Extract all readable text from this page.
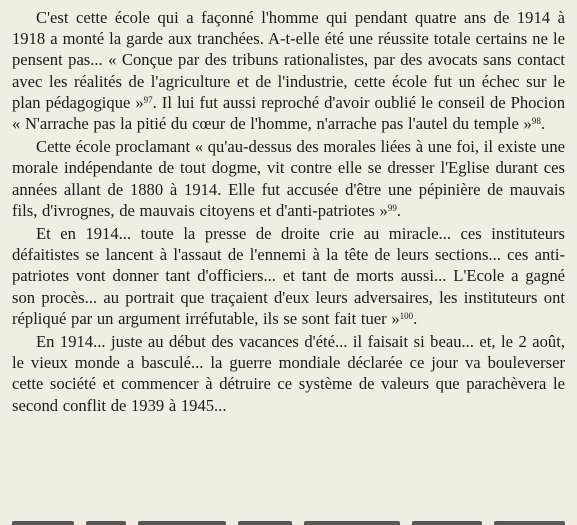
C'est cette école qui a façonné l'homme qui pendant quatre ans de 1914 à 1918 a monté la garde aux tranchées. A-t-elle été une réussite totale certains ne le pensent pas... « Conçue par des tribuns rationalistes, par des avocats sans contact avec les réalités de l'agriculture et de l'industrie, cette école fut un échec sur le plan pédagogique »$^{97}$. Il lui fut aussi reproché d'avoir oublié le conseil de Phocion « N'arrache pas la pitié du cœur de l'homme, n'arrache pas l'autel du temple »$^{98}$.

Cette école proclamant « qu'au-dessus des morales liées à une foi, il existe une morale indépendante de tout dogme, vit contre elle se dresser l'Eglise durant ces années allant de 1880 à 1914. Elle fut accusée d'être une pépinière de mauvais fils, d'ivrognes, de mauvais citoyens et d'anti-patriotes »$^{99}$.

Et en 1914... toute la presse de droite crie au miracle... ces instituteurs défaitistes se lancent à l'assaut de l'ennemi à la tête de leurs sections... ces anti-patriotes vont donner tant d'officiers... et tant de morts aussi... L'Ecole a gagné son procès... au portrait que traçaient d'eux leurs adversaires, les instituteurs ont répliqué par un argument irréfutable, ils se sont fait tuer »$^{100}$.

En 1914... juste au début des vacances d'été... il faisait si beau... et, le 2 août, le vieux monde a basculé... la guerre mondiale déclarée ce jour va bouleverser cette société et commencer à détruire ce système de valeurs que parachèvera le second conflit de 1939 à 1945...
